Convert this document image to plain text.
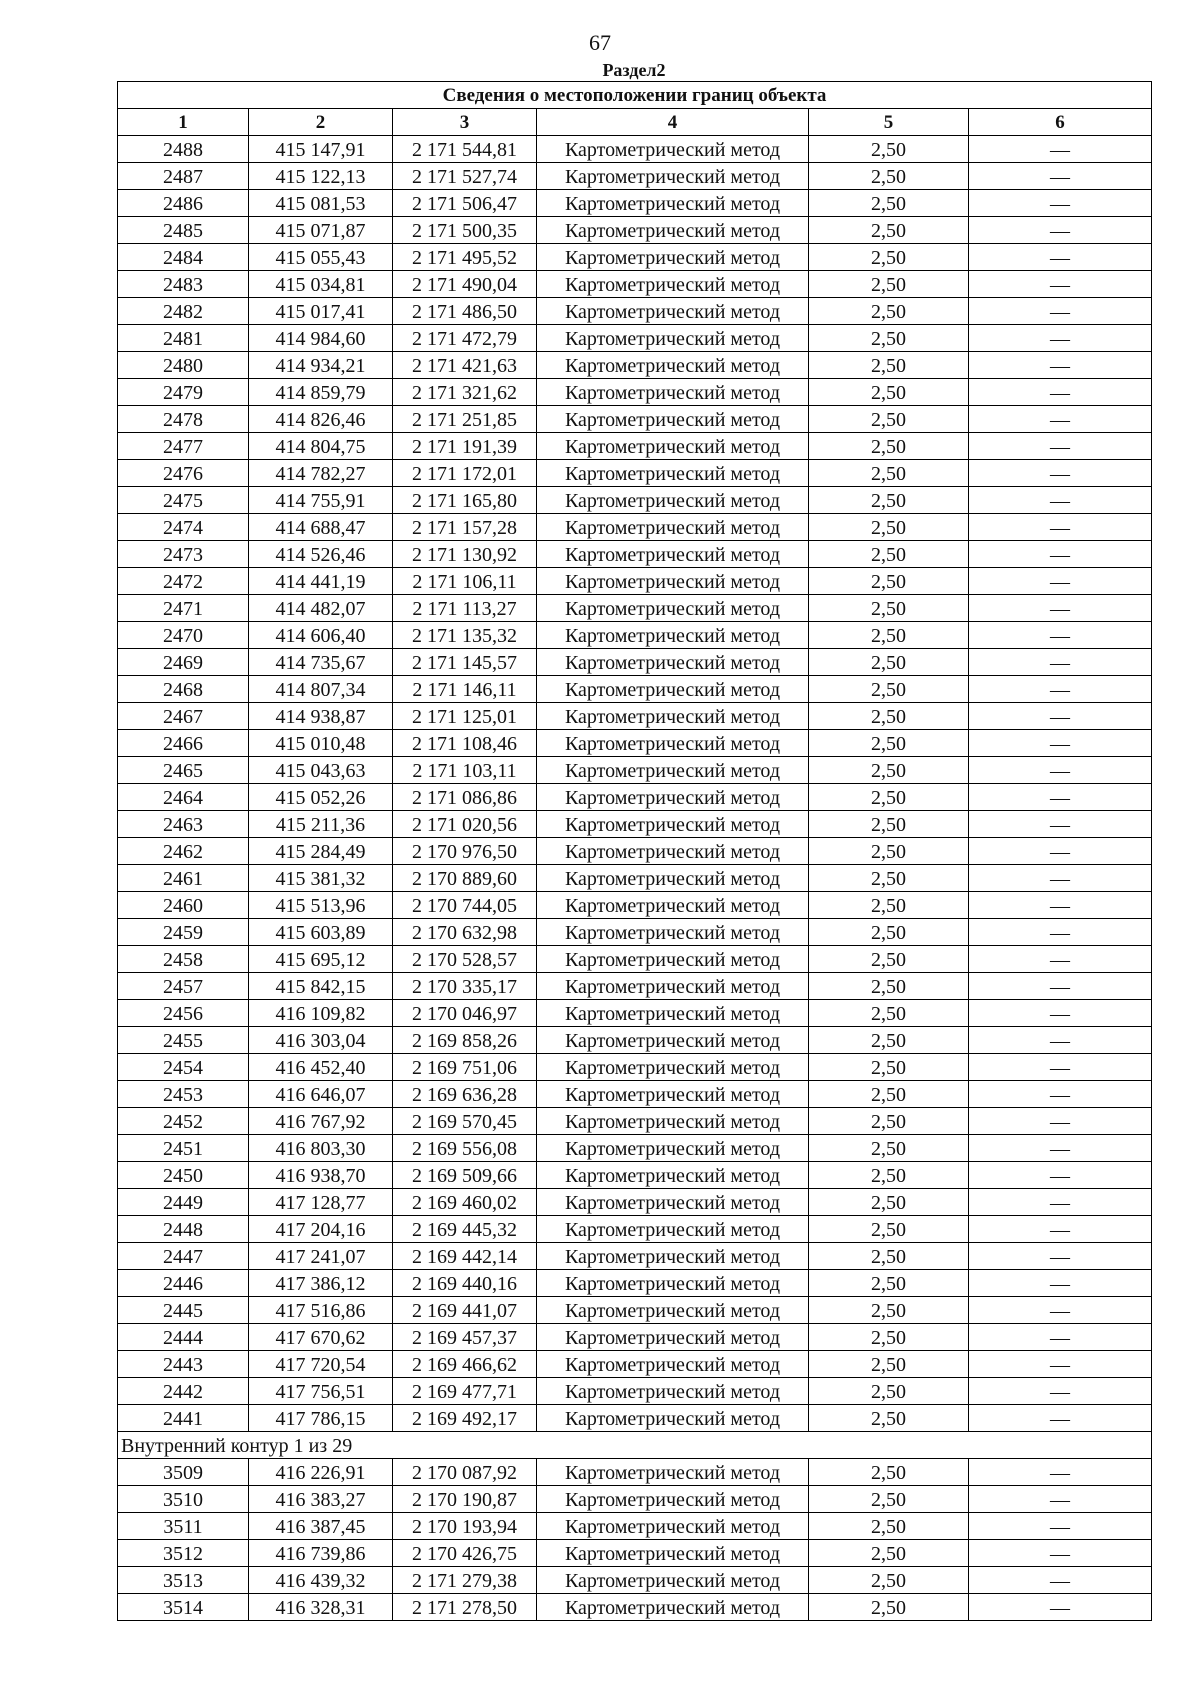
67
Раздел2
Сведения о местоположении границ объекта					
1	2	3	4	5	6
2488	415 147,91	2 171 544,81	Картометрический метод	2,50	—
2487	415 122,13	2 171 527,74	Картометрический метод	2,50	—
2486	415 081,53	2 171 506,47	Картометрический метод	2,50	—
2485	415 071,87	2 171 500,35	Картометрический метод	2,50	—
2484	415 055,43	2 171 495,52	Картометрический метод	2,50	—
2483	415 034,81	2 171 490,04	Картометрический метод	2,50	—
2482	415 017,41	2 171 486,50	Картометрический метод	2,50	—
2481	414 984,60	2 171 472,79	Картометрический метод	2,50	—
2480	414 934,21	2 171 421,63	Картометрический метод	2,50	—
2479	414 859,79	2 171 321,62	Картометрический метод	2,50	—
2478	414 826,46	2 171 251,85	Картометрический метод	2,50	—
2477	414 804,75	2 171 191,39	Картометрический метод	2,50	—
2476	414 782,27	2 171 172,01	Картометрический метод	2,50	—
2475	414 755,91	2 171 165,80	Картометрический метод	2,50	—
2474	414 688,47	2 171 157,28	Картометрический метод	2,50	—
2473	414 526,46	2 171 130,92	Картометрический метод	2,50	—
2472	414 441,19	2 171 106,11	Картометрический метод	2,50	—
2471	414 482,07	2 171 113,27	Картометрический метод	2,50	—
2470	414 606,40	2 171 135,32	Картометрический метод	2,50	—
2469	414 735,67	2 171 145,57	Картометрический метод	2,50	—
2468	414 807,34	2 171 146,11	Картометрический метод	2,50	—
2467	414 938,87	2 171 125,01	Картометрический метод	2,50	—
2466	415 010,48	2 171 108,46	Картометрический метод	2,50	—
2465	415 043,63	2 171 103,11	Картометрический метод	2,50	—
2464	415 052,26	2 171 086,86	Картометрический метод	2,50	—
2463	415 211,36	2 171 020,56	Картометрический метод	2,50	—
2462	415 284,49	2 170 976,50	Картометрический метод	2,50	—
2461	415 381,32	2 170 889,60	Картометрический метод	2,50	—
2460	415 513,96	2 170 744,05	Картометрический метод	2,50	—
2459	415 603,89	2 170 632,98	Картометрический метод	2,50	—
2458	415 695,12	2 170 528,57	Картометрический метод	2,50	—
2457	415 842,15	2 170 335,17	Картометрический метод	2,50	—
2456	416 109,82	2 170 046,97	Картометрический метод	2,50	—
2455	416 303,04	2 169 858,26	Картометрический метод	2,50	—
2454	416 452,40	2 169 751,06	Картометрический метод	2,50	—
2453	416 646,07	2 169 636,28	Картометрический метод	2,50	—
2452	416 767,92	2 169 570,45	Картометрический метод	2,50	—
2451	416 803,30	2 169 556,08	Картометрический метод	2,50	—
2450	416 938,70	2 169 509,66	Картометрический метод	2,50	—
2449	417 128,77	2 169 460,02	Картометрический метод	2,50	—
2448	417 204,16	2 169 445,32	Картометрический метод	2,50	—
2447	417 241,07	2 169 442,14	Картометрический метод	2,50	—
2446	417 386,12	2 169 440,16	Картометрический метод	2,50	—
2445	417 516,86	2 169 441,07	Картометрический метод	2,50	—
2444	417 670,62	2 169 457,37	Картометрический метод	2,50	—
2443	417 720,54	2 169 466,62	Картометрический метод	2,50	—
2442	417 756,51	2 169 477,71	Картометрический метод	2,50	—
2441	417 786,15	2 169 492,17	Картометрический метод	2,50	—
Внутренний контур 1 из 29					
3509	416 226,91	2 170 087,92	Картометрический метод	2,50	—
3510	416 383,27	2 170 190,87	Картометрический метод	2,50	—
3511	416 387,45	2 170 193,94	Картометрический метод	2,50	—
3512	416 739,86	2 170 426,75	Картометрический метод	2,50	—
3513	416 439,32	2 171 279,38	Картометрический метод	2,50	—
3514	416 328,31	2 171 278,50	Картометрический метод	2,50	—
